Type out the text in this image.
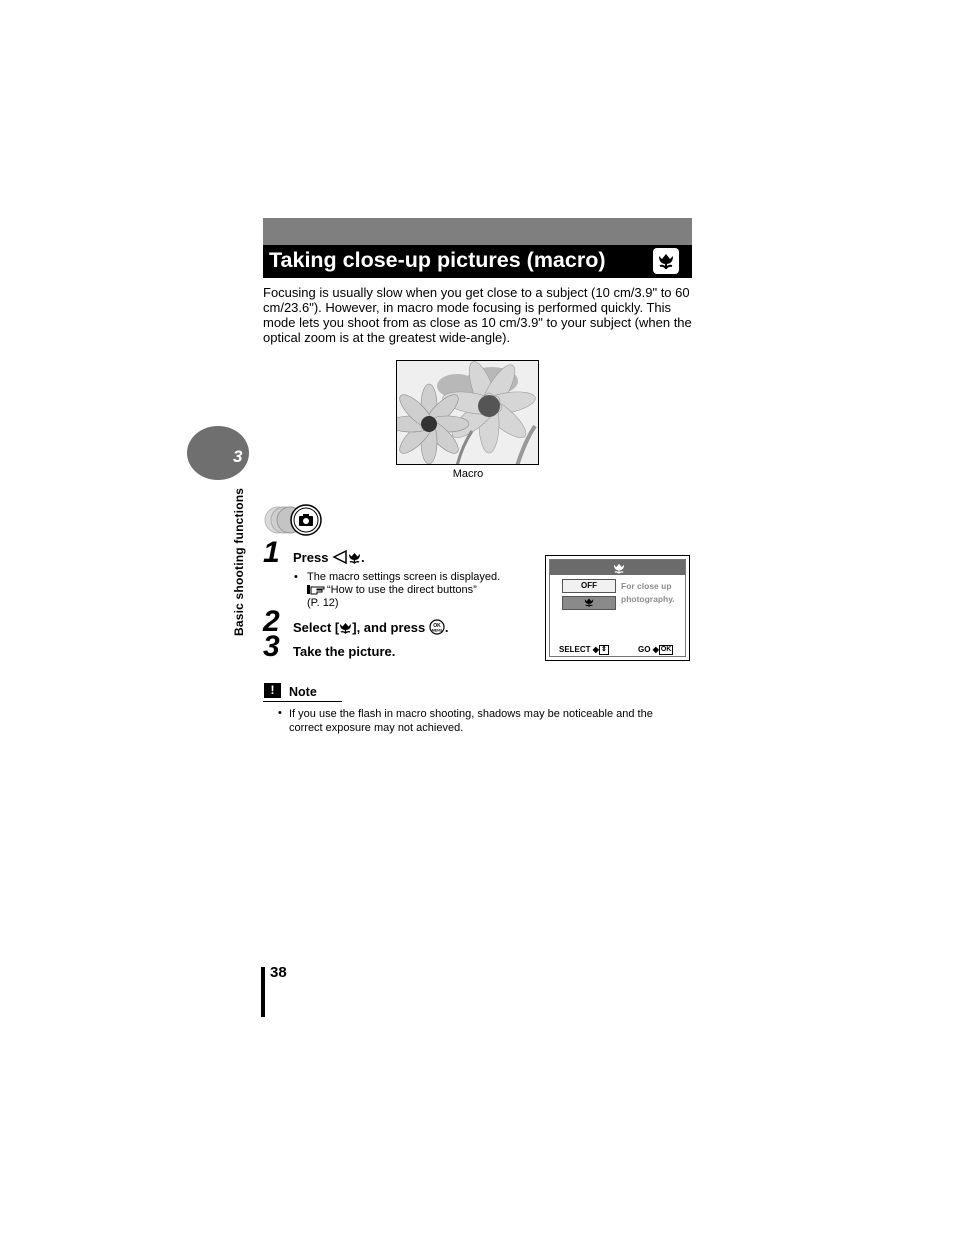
Taking close-up pictures (macro)
Focusing is usually slow when you get close to a subject (10 cm/3.9" to 60 cm/23.6"). However, in macro mode focusing is performed quickly. This mode lets you shoot from as close as 10 cm/3.9" to your subject (when the optical zoom is at the greatest wide-angle).
Macro
3
Basic shooting functions 1 Press	.
• The macro settings screen is displayed.
“How to use the direct buttons”
(P. 12)
2 Select [ ], and press OK
MENU .
3 Take the picture.
OFF	For close up
photography.
SELECT ◆ ⇕	GO ◆ OK
!	Note
• If you use the flash in macro shooting, shadows may be noticeable and the correct exposure may not achieved.
38
